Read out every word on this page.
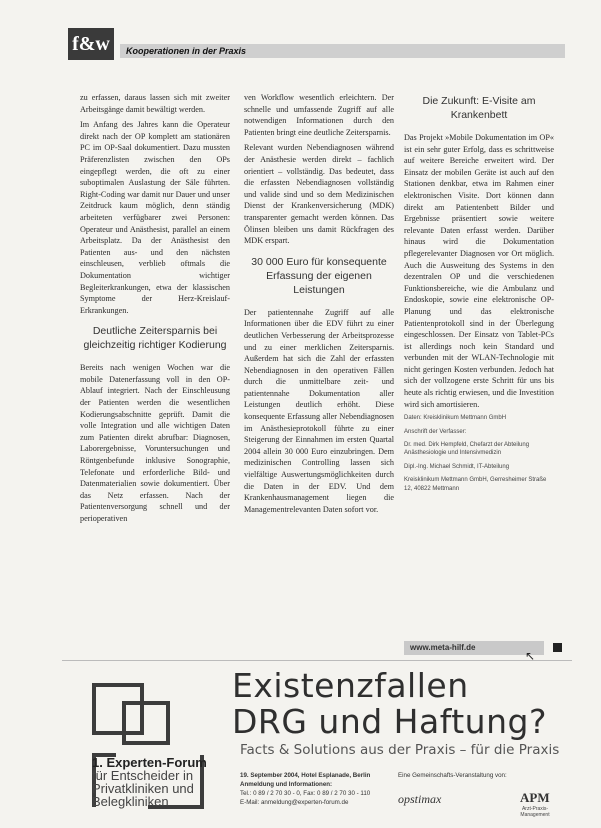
f&w	Kooperationen in der Praxis

zu erfassen, daraus lassen sich mit zweiter Arbeitsgänge damit bewältigt werden.

Im Anfang des Jahres kann die Operateur direkt nach der OP komplett am stationären PC im OP-Saal dokumentiert. Dazu mussten Präferenzlisten zwischen den OPs eingepflegt werden, die oft zu einer suboptimalen Auslastung der Säle führten. Right-Coding war damit nur Dauer und unser Zeitdruck kaum möglich, denn ständig arbeiteten verfügbarer zwei Personen: Operateur und Anästhesist, parallel an einem Arbeitsplatz. Da der Anästhesist den Patienten aus- und den nächsten einschleusen, verblieb oftmals die Dokumentation wichtiger Begleiterkrankungen, etwa der klassischen Symptome der Herz-Kreislauf-Erkrankungen.

Deutliche Zeitersparnis bei gleichzeitig richtiger Kodierung

Bereits nach wenigen Wochen war die mobile Datenerfassung voll in den OP-Ablauf integriert. Nach der Einschleusung der Patienten werden die wesentlichen Kodierungsabschnitte geprüft. Damit die volle Integration und alle wichtigen Daten zum Patienten direkt abrufbar: Diagnosen, Laborergebnisse, Voruntersuchungen und Röntgenbefunde inklusive Sonographie, Telefonate und erforderliche Bild- und Datenmaterialien sowie dokumentiert. Über das Netz erfassen. Nach der Patientenversorgung schnell und der perioperativen

ven Workflow wesentlich erleichtern. Der schnelle und umfassende Zugriff auf alle notwendigen Informationen durch den Patienten bringt eine deutliche Zeitersparnis.

Relevant wurden Nebendiagnosen während der Anästhesie werden direkt – fachlich orientiert – vollständig. Das bedeutet, dass die erfassten Nebendiagnosen vollständig und valide sind und so dem Medizinischen Dienst der Krankenversicherung (MDK) transparenter gemacht werden können. Das Ölinsen bleiben uns damit Rückfragen des MDK erspart.

30 000 Euro für konsequente Erfassung der eigenen Leistungen

Der patientennahe Zugriff auf alle Informationen über die EDV führt zu einer deutlichen Verbesserung der Arbeitsprozesse und zu einer merklichen Zeitersparnis. Außerdem hat sich die Zahl der erfassten Nebendiagnosen in den operativen Fällen durch die unmittelbare zeit- und patientennahe Dokumentation aller Leistungen deutlich erhöht. Diese konsequente Erfassung aller Nebendiagnosen im Anästhesieprotokoll führte zu einer Steigerung der Einnahmen im ersten Quartal 2004 allein 30 000 Euro einzubringen. Dem medizinischen Controlling lassen sich vielfältige Auswertungsmöglichkeiten durch die Daten in der EDV. Und dem Krankenhausmanagement liegen die Managementrelevanten Daten sofort vor.

Die Zukunft: E-Visite am Krankenbett

Das Projekt »Mobile Dokumentation im OP« ist ein sehr guter Erfolg, dass es schrittweise auf weitere Bereiche erweitert wird. Der Einsatz der mobilen Geräte ist auch auf den Stationen denkbar, etwa im Rahmen einer elektronischen Visite. Dort können dann direkt am Patientenbett Bilder und Ergebnisse präsentiert sowie weitere relevante Daten erfasst werden. Darüber hinaus wird die Dokumentation pflegerelevanter Diagnosen vor Ort möglich. Auch die Ausweitung des Systems in den dezentralen OP und die verschiedenen Funktionsbereiche, wie die Ambulanz und Endoskopie, sowie eine elektronische OP-Planung und das elektronische Patientenprotokoll sind in der Überlegung eingeschlossen. Der Einsatz von Tablet-PCs ist allerdings noch kein Standard und verbunden mit der WLAN-Technologie mit nicht geringen Kosten verbunden. Jedoch hat sich der vollzogene erste Schritt für uns bis heute als richtig erwiesen, und die Investition wird sich amortisieren.

Daten: Kreisklinikum Mettmann GmbH

Anschrift der Verfasser:

Dr. med. Dirk Hempfeld, Chefarzt der Abteilung Anästhesiologie und Intensivmedizin

Dipl.-Ing. Michael Schmidt, IT-Abteilung

Kreisklinikum Mettmann GmbH, Gerresheimer Straße 12, 40822 Mettmann

www.meta-hilf.de
↖
Existenzfallen
DRG und Haftung?
Facts & Solutions aus der Praxis – für die Praxis
1. Experten-Forum
für Entscheider in
Privatkliniken und
Belegkliniken
19. September 2004, Hotel Esplanade, Berlin
Anmeldung und Informationen:
Tel.: 0 89 / 2 70 30 - 0, Fax: 0 89 / 2 70 30 - 110
E-Mail: anmeldung@experten-forum.de
Eine Gemeinschafts-Veranstaltung von:
opstimax	APM
Arzt-Praxis-Management
